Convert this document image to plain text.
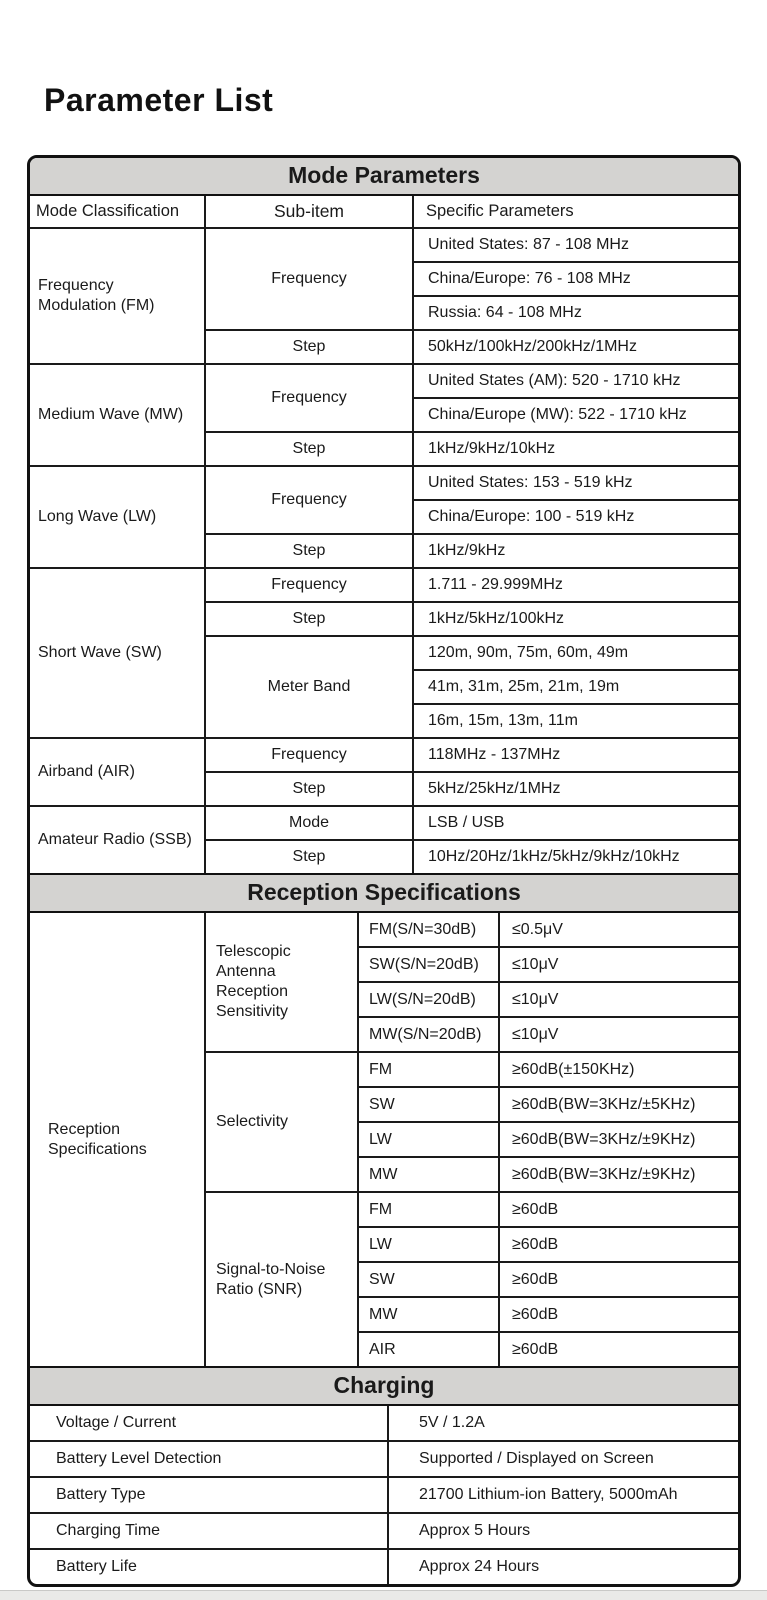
Parameter List
Mode Parameters
Mode Classification	Sub-item	Specific Parameters
Frequency Modulation (FM)	Frequency	United States: 87 - 108 MHz
		China/Europe: 76 - 108 MHz
		Russia: 64 - 108 MHz
	Step	50kHz/100kHz/200kHz/1MHz
Medium Wave (MW)	Frequency	United States (AM): 520 - 1710 kHz
		China/Europe (MW): 522 - 1710 kHz
	Step	1kHz/9kHz/10kHz
Long Wave (LW)	Frequency	United States: 153 - 519 kHz
		China/Europe: 100 - 519 kHz
	Step	1kHz/9kHz
Short Wave (SW)	Frequency	1.711 - 29.999MHz
	Step	1kHz/5kHz/100kHz
	Meter Band	120m, 90m, 75m, 60m, 49m
		41m, 31m, 25m, 21m, 19m
		16m, 15m, 13m, 11m
Airband (AIR)	Frequency	118MHz - 137MHz
	Step	5kHz/25kHz/1MHz
Amateur Radio (SSB)	Mode	LSB / USB
	Step	10Hz/20Hz/1kHz/5kHz/9kHz/10kHz
Reception Specifications
Reception Specifications	Telescopic Antenna Reception Sensitivity	FM(S/N=30dB)	≤0.5μV
		SW(S/N=20dB)	≤10μV
		LW(S/N=20dB)	≤10μV
		MW(S/N=20dB)	≤10μV
	Selectivity	FM	≥60dB(±150KHz)
		SW	≥60dB(BW=3KHz/±5KHz)
		LW	≥60dB(BW=3KHz/±9KHz)
		MW	≥60dB(BW=3KHz/±9KHz)
	Signal-to-Noise Ratio (SNR)	FM	≥60dB
		LW	≥60dB
		SW	≥60dB
		MW	≥60dB
		AIR	≥60dB
Charging
Voltage / Current	5V / 1.2A
Battery Level Detection	Supported / Displayed on Screen
Battery Type	21700 Lithium-ion Battery, 5000mAh
Charging Time	Approx 5 Hours
Battery Life	Approx 24 Hours
